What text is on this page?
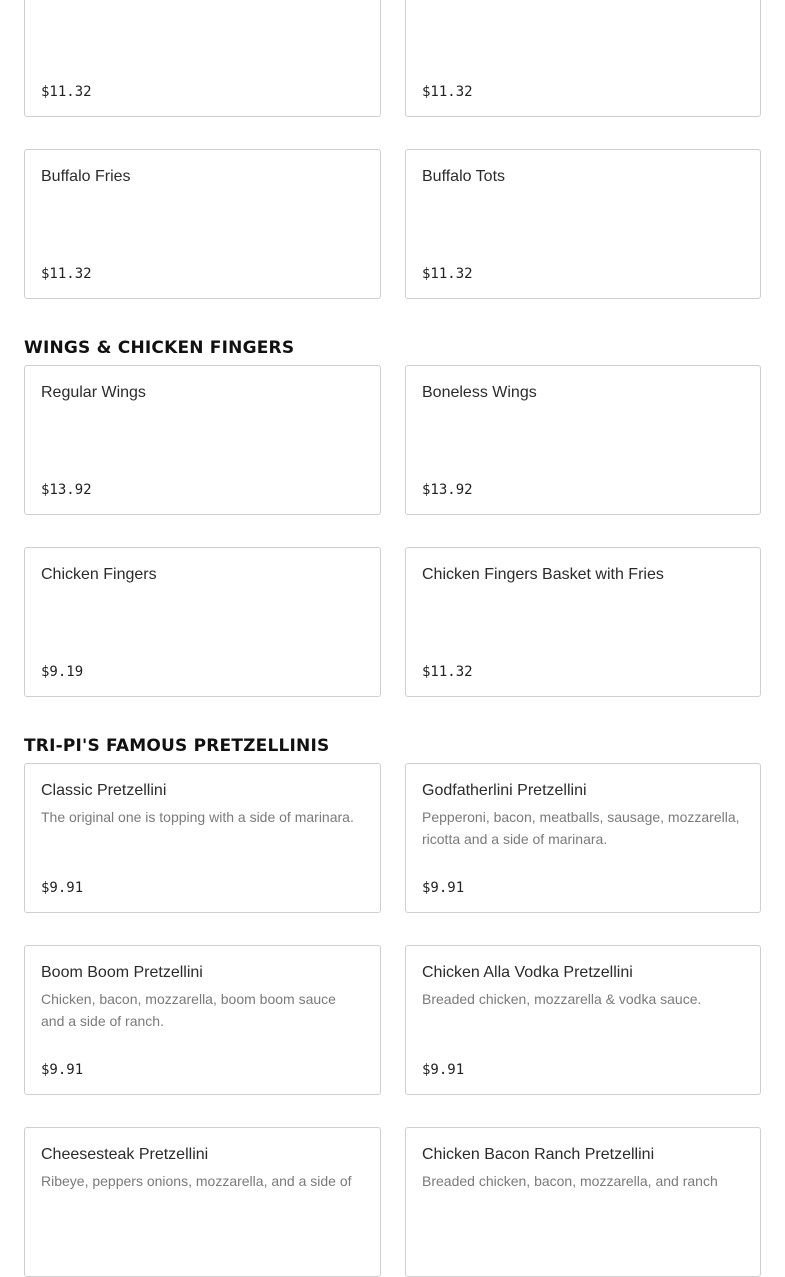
$11.32	$11.32
Buffalo Fries
$11.32
Buffalo Tots
$11.32
WINGS & CHICKEN FINGERS
Regular Wings
$13.92
Boneless Wings
$13.92
Chicken Fingers
$9.19
Chicken Fingers Basket with Fries
$11.32
TRI-PI'S FAMOUS PRETZELLINIS
Classic Pretzellini
The original one is topping with a side of marinara.
$9.91
Godfatherlini Pretzellini
Pepperoni, bacon, meatballs, sausage, mozzarella, ricotta and a side of marinara.
$9.91
Boom Boom Pretzellini
Chicken, bacon, mozzarella, boom boom sauce and a side of ranch.
$9.91
Chicken Alla Vodka Pretzellini
Breaded chicken, mozzarella & vodka sauce.
$9.91
Cheesesteak Pretzellini
Ribeye, peppers onions, mozzarella, and a side of
Chicken Bacon Ranch Pretzellini
Breaded chicken, bacon, mozzarella, and ranch
